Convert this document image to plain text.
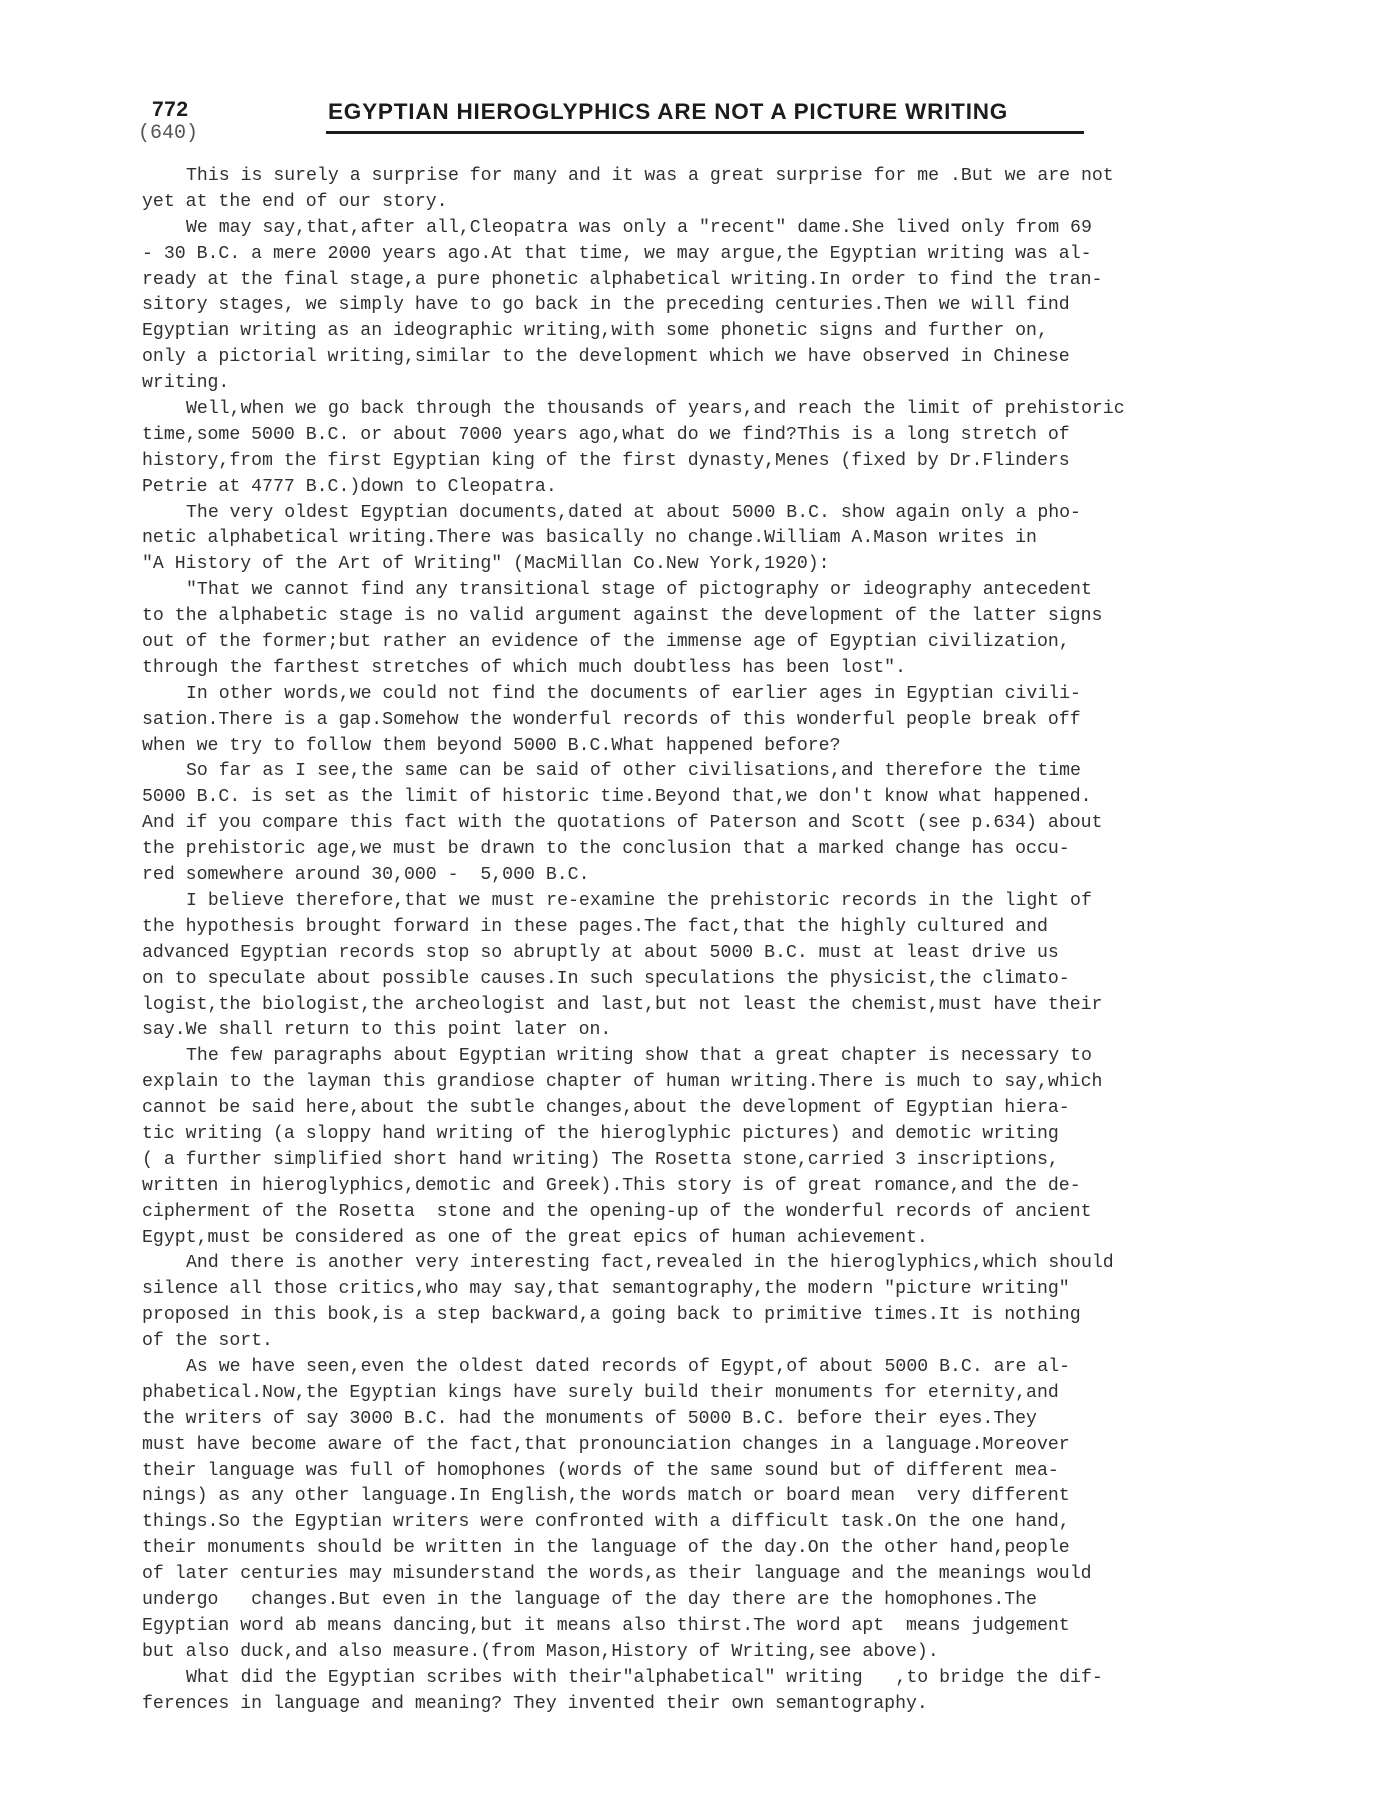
772
(640)
EGYPTIAN HIEROGLYPHICS ARE NOT A PICTURE WRITING
This is surely a surprise for many and it was a great surprise for me .But we are not
yet at the end of our story.
We may say,that,after all,Cleopatra was only a "recent" dame.She lived only from 69
- 30 B.C. a mere 2000 years ago.At that time, we may argue,the Egyptian writing was al-
ready at the final stage,a pure phonetic alphabetical writing.In order to find the tran-
sitory stages, we simply have to go back in the preceding centuries.Then we will find
Egyptian writing as an ideographic writing,with some phonetic signs and further on,
only a pictorial writing,similar to the development which we have observed in Chinese
writing.
Well,when we go back through the thousands of years,and reach the limit of prehistoric
time,some 5000 B.C. or about 7000 years ago,what do we find?This is a long stretch of
history,from the first Egyptian king of the first dynasty,Menes (fixed by Dr.Flinders
Petrie at 4777 B.C.)down to Cleopatra.
The very oldest Egyptian documents,dated at about 5000 B.C. show again only a pho-
netic alphabetical writing.There was basically no change.William A.Mason writes in
"A History of the Art of Writing" (MacMillan Co.New York,1920):
"That we cannot find any transitional stage of pictography or ideography antecedent
to the alphabetic stage is no valid argument against the development of the latter signs
out of the former;but rather an evidence of the immense age of Egyptian civilization,
through the farthest stretches of which much doubtless has been lost".
In other words,we could not find the documents of earlier ages in Egyptian civili-
sation.There is a gap.Somehow the wonderful records of this wonderful people break off
when we try to follow them beyond 5000 B.C.What happened before?
So far as I see,the same can be said of other civilisations,and therefore the time
5000 B.C. is set as the limit of historic time.Beyond that,we don't know what happened.
And if you compare this fact with the quotations of Paterson and Scott (see p.634) about
the prehistoric age,we must be drawn to the conclusion that a marked change has occu-
red somewhere around 30,000 -  5,000 B.C.
I believe therefore,that we must re-examine the prehistoric records in the light of
the hypothesis brought forward in these pages.The fact,that the highly cultured and
advanced Egyptian records stop so abruptly at about 5000 B.C. must at least drive us
on to speculate about possible causes.In such speculations the physicist,the climato-
logist,the biologist,the archeologist and last,but not least the chemist,must have their
say.We shall return to this point later on.
The few paragraphs about Egyptian writing show that a great chapter is necessary to
explain to the layman this grandiose chapter of human writing.There is much to say,which
cannot be said here,about the subtle changes,about the development of Egyptian hiera-
tic writing (a sloppy hand writing of the hieroglyphic pictures) and demotic writing
( a further simplified short hand writing) The Rosetta stone,carried 3 inscriptions,
written in hieroglyphics,demotic and Greek).This story is of great romance,and the de-
cipherment of the Rosetta  stone and the opening-up of the wonderful records of ancient
Egypt,must be considered as one of the great epics of human achievement.
And there is another very interesting fact,revealed in the hieroglyphics,which should
silence all those critics,who may say,that semantography,the modern "picture writing"
proposed in this book,is a step backward,a going back to primitive times.It is nothing
of the sort.
As we have seen,even the oldest dated records of Egypt,of about 5000 B.C. are al-
phabetical.Now,the Egyptian kings have surely build their monuments for eternity,and
the writers of say 3000 B.C. had the monuments of 5000 B.C. before their eyes.They
must have become aware of the fact,that pronounciation changes in a language.Moreover
their language was full of homophones (words of the same sound but of different mea-
nings) as any other language.In English,the words match or board mean  very different
things.So the Egyptian writers were confronted with a difficult task.On the one hand,
their monuments should be written in the language of the day.On the other hand,people
of later centuries may misunderstand the words,as their language and the meanings would
undergo   changes.But even in the language of the day there are the homophones.The
Egyptian word ab means dancing,but it means also thirst.The word apt  means judgement
but also duck,and also measure.(from Mason,History of Writing,see above).
What did the Egyptian scribes with their"alphabetical" writing   ,to bridge the dif-
ferences in language and meaning? They invented their own semantography.
